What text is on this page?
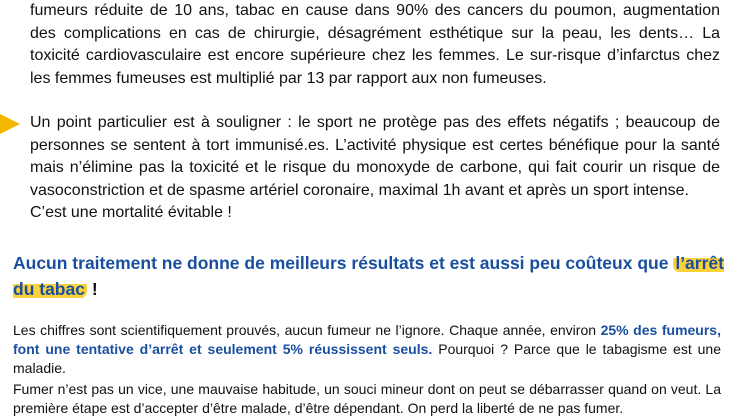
fumeurs réduite de 10 ans, tabac en cause dans 90% des cancers du poumon, augmentation des complications en cas de chirurgie, désagrément esthétique sur la peau, les dents… La toxicité cardiovasculaire est encore supérieure chez les femmes. Le sur-risque d’infarctus chez les femmes fumeuses est multiplié par 13 par rapport aux non fumeuses.

Un point particulier est à souligner : le sport ne protège pas des effets négatifs ; beaucoup de personnes se sentent à tort immunisé.es. L’activité physique est certes bénéfique pour la santé mais n’élimine pas la toxicité et le risque du monoxyde de carbone, qui fait courir un risque de vasoconstriction et de spasme artériel coronaire, maximal 1h avant et après un sport intense.
C’est une mortalité évitable !

Aucun traitement ne donne de meilleurs résultats et est aussi peu coûteux que l’arrêt du tabac !

Les chiffres sont scientifiquement prouvés, aucun fumeur ne l’ignore. Chaque année, environ 25% des fumeurs, font une tentative d’arrêt et seulement 5% réussissent seuls. Pourquoi ? Parce que le tabagisme est une maladie.

Fumer n’est pas un vice, une mauvaise habitude, un souci mineur dont on peut se débarrasser quand on veut. La première étape est d’accepter d’être malade, d’être dépendant. On perd la liberté de ne pas fumer.
